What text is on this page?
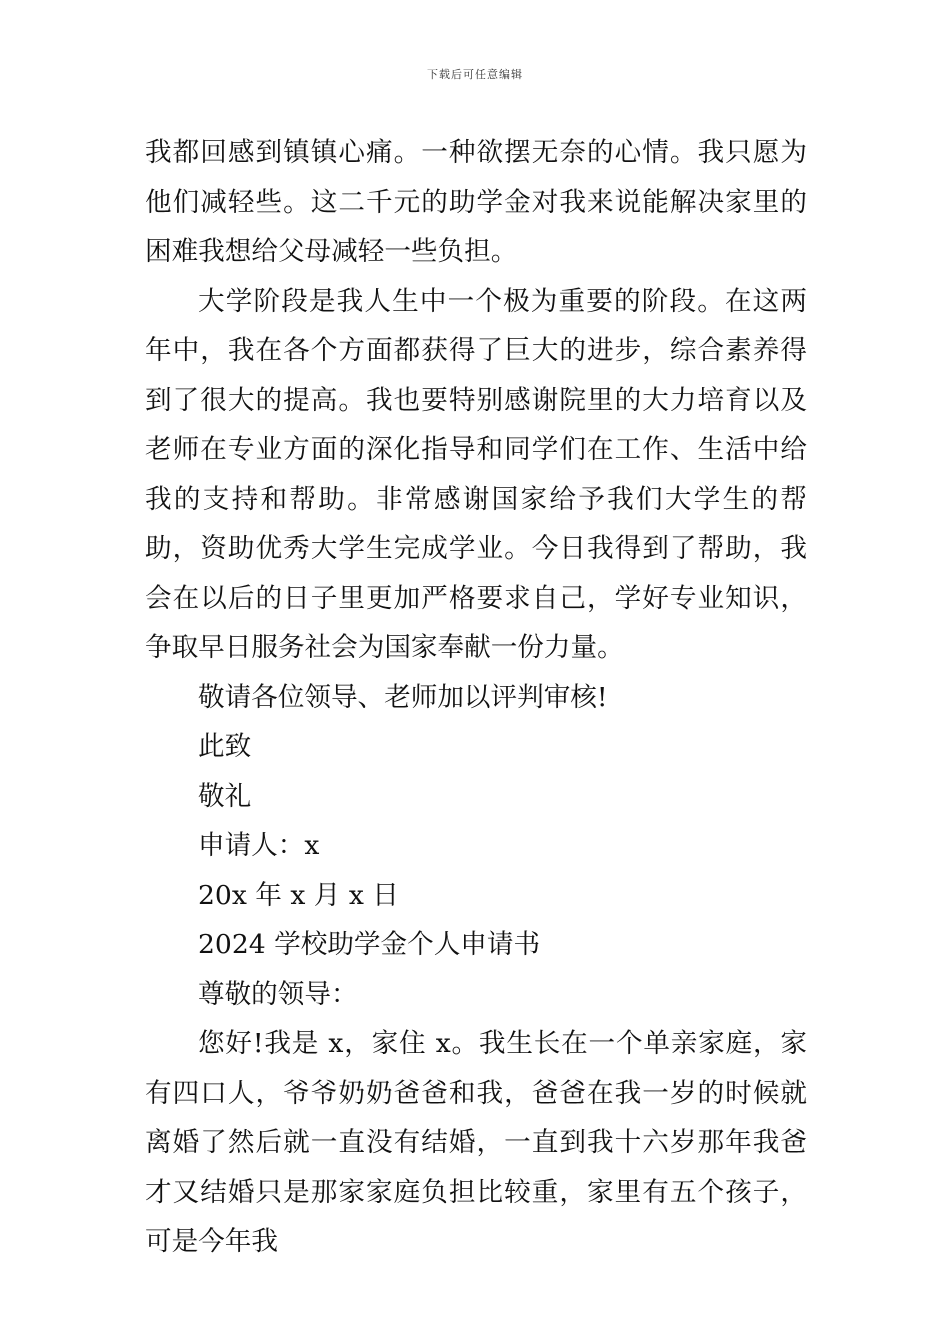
下载后可任意编辑

我都回感到镇镇心痛。一种欲摆无奈的心情。我只愿为他们减轻些。这二千元的助学金对我来说能解决家里的困难我想给父母减轻一些负担。

大学阶段是我人生中一个极为重要的阶段。在这两年中，我在各个方面都获得了巨大的进步，综合素养得到了很大的提高。我也要特别感谢院里的大力培育以及老师在专业方面的深化指导和同学们在工作、生活中给我的支持和帮助。非常感谢国家给予我们大学生的帮助，资助优秀大学生完成学业。今日我得到了帮助，我会在以后的日子里更加严格要求自己，学好专业知识，争取早日服务社会为国家奉献一份力量。

敬请各位领导、老师加以评判审核!

此致

敬礼

申请人：x

20x 年 x 月 x 日

2024 学校助学金个人申请书

尊敬的领导：

您好!我是 x，家住 x。我生长在一个单亲家庭，家有四口人，爷爷奶奶爸爸和我，爸爸在我一岁的时候就离婚了然后就一直没有结婚，一直到我十六岁那年我爸才又结婚只是那家家庭负担比较重，家里有五个孩子，可是今年我
